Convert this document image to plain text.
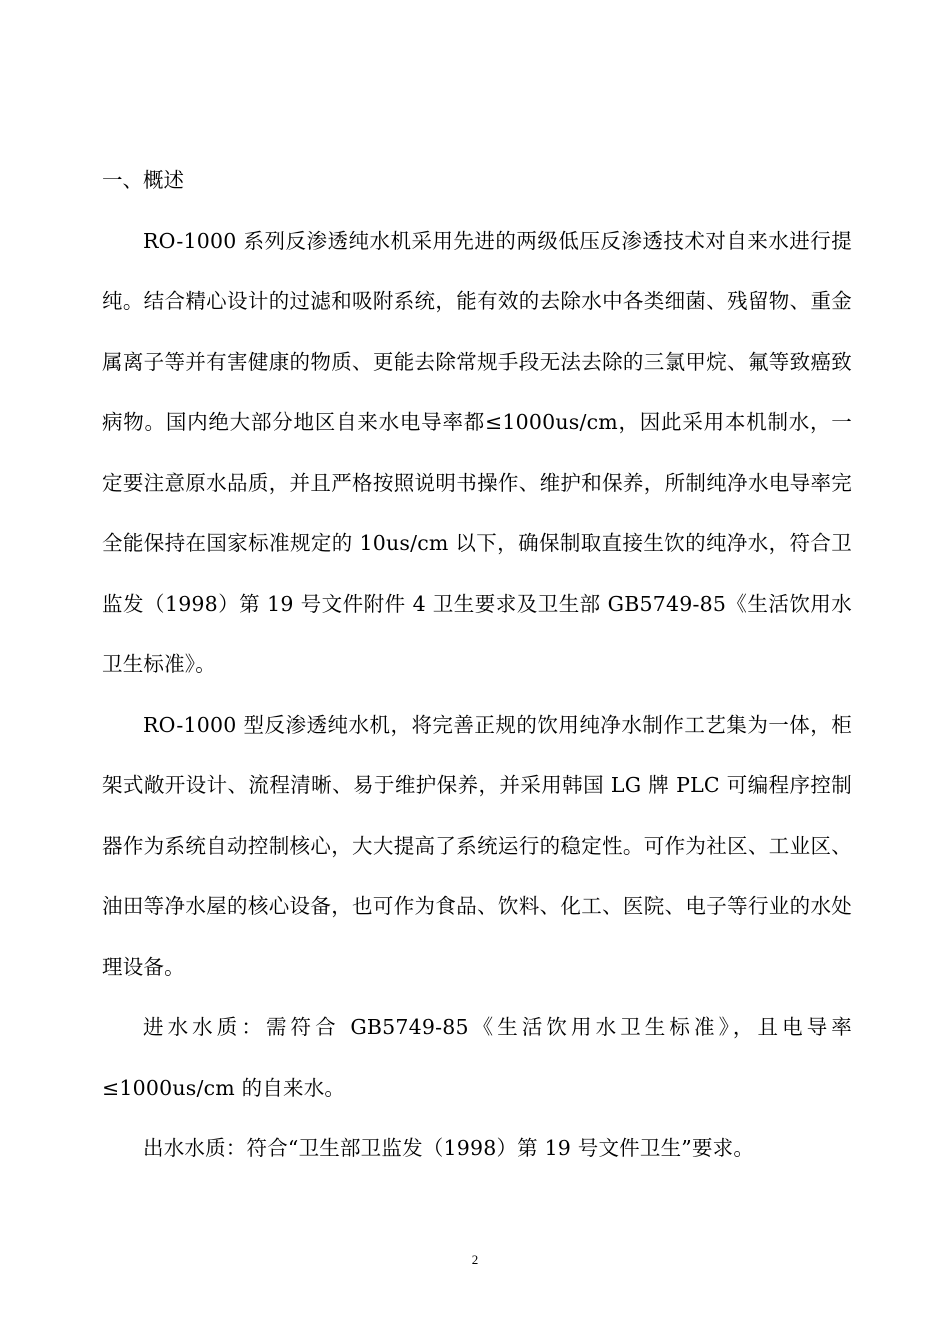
一、概述

RO-1000 系列反渗透纯水机采用先进的两级低压反渗透技术对自来水进行提纯。结合精心设计的过滤和吸附系统，能有效的去除水中各类细菌、残留物、重金属离子等并有害健康的物质、更能去除常规手段无法去除的三氯甲烷、氟等致癌致病物。国内绝大部分地区自来水电导率都≤1000us/cm，因此采用本机制水，一定要注意原水品质，并且严格按照说明书操作、维护和保养，所制纯净水电导率完全能保持在国家标准规定的 10us/cm 以下，确保制取直接生饮的纯净水，符合卫监发（1998）第 19 号文件附件 4 卫生要求及卫生部 GB5749-85《生活饮用水卫生标准》。

RO-1000 型反渗透纯水机，将完善正规的饮用纯净水制作工艺集为一体，柜架式敞开设计、流程清晰、易于维护保养，并采用韩国 LG 牌 PLC 可编程序控制器作为系统自动控制核心，大大提高了系统运行的稳定性。可作为社区、工业区、油田等净水屋的核心设备，也可作为食品、饮料、化工、医院、电子等行业的水处理设备。

进水水质：需符合 GB5749-85《生活饮用水卫生标准》，且电导率≤1000us/cm 的自来水。

出水水质：符合“卫生部卫监发（1998）第 19 号文件卫生”要求。

2
